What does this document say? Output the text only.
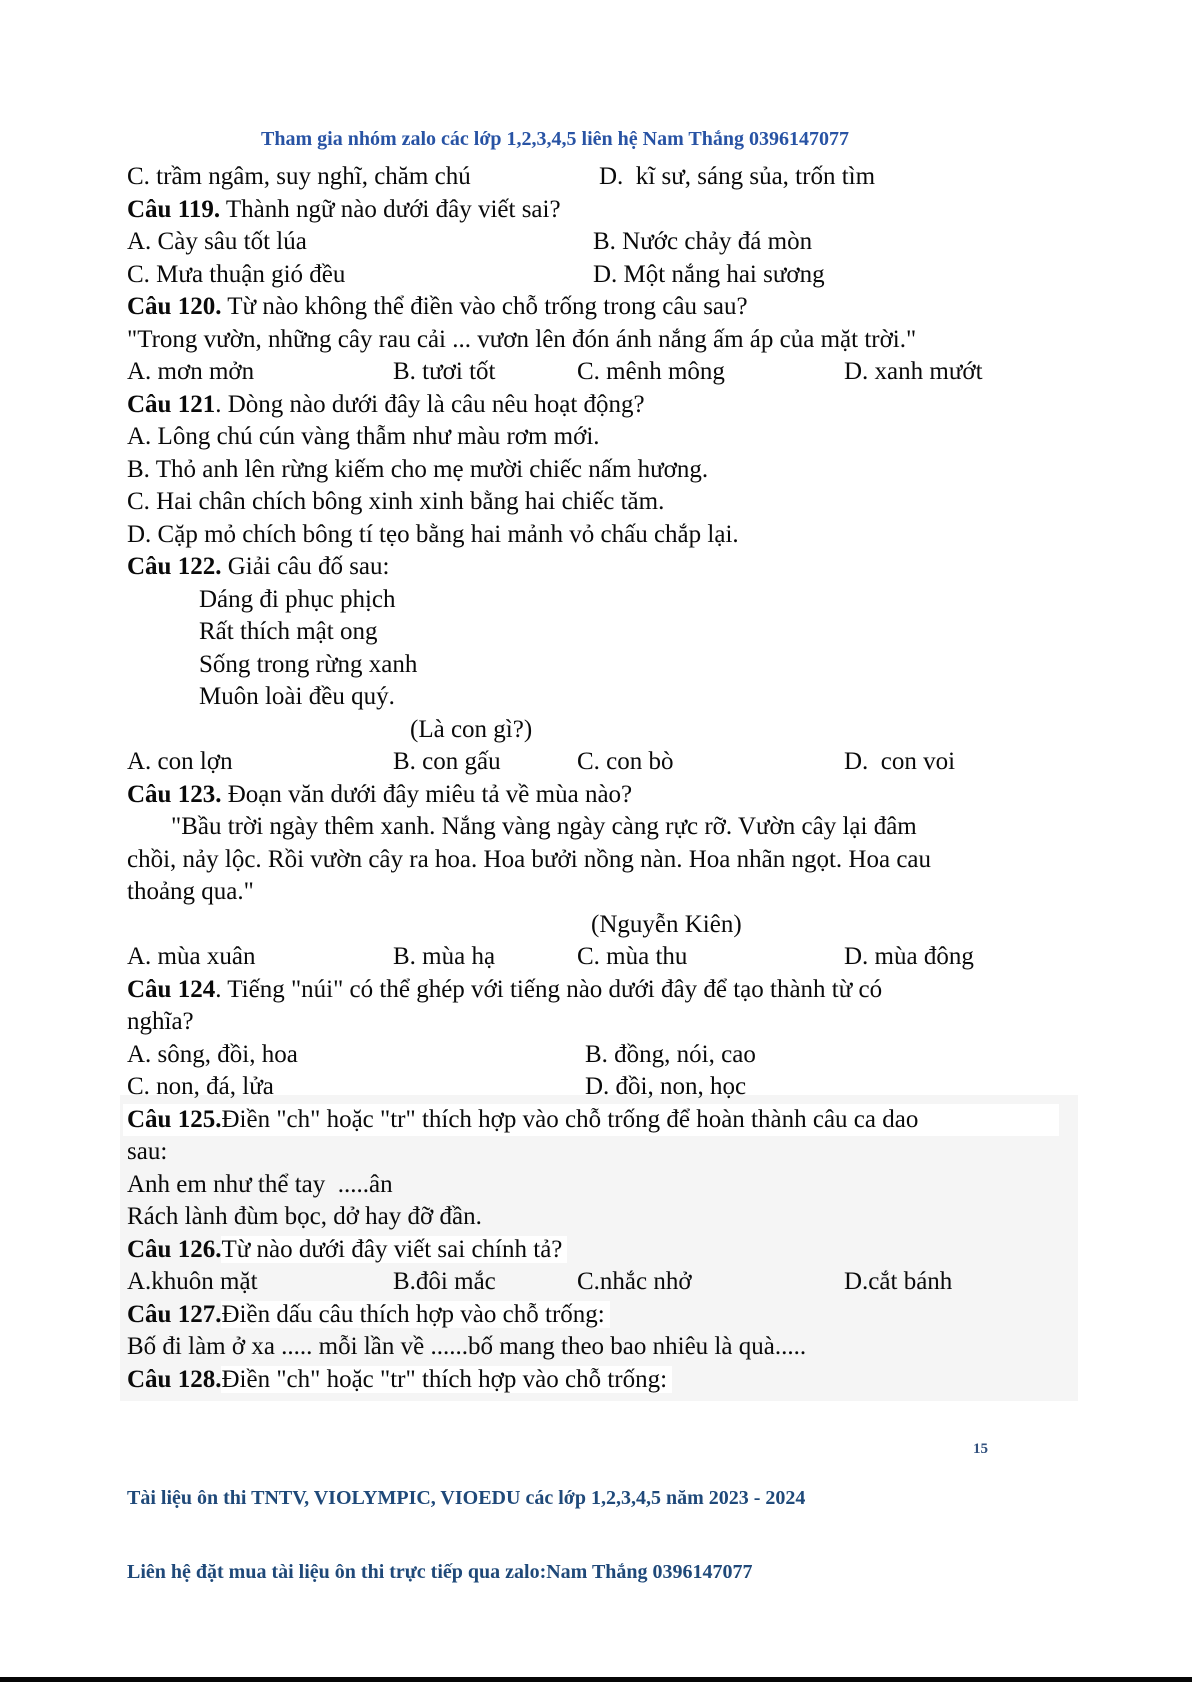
Tham gia nhóm zalo các lớp 1,2,3,4,5 liên hệ Nam Thắng 0396147077
C. trầm ngâm, suy nghĩ, chăm chú	D.  kĩ sư, sáng sủa, trốn tìm
Câu 119. Thành ngữ nào dưới đây viết sai?
A. Cày sâu tốt lúa	B. Nước chảy đá mòn
C. Mưa thuận gió đều	D. Một nắng hai sương
Câu 120. Từ nào không thể điền vào chỗ trống trong câu sau?
"Trong vườn, những cây rau cải ... vươn lên đón ánh nắng ấm áp của mặt trời."
A. mơn mởn	B. tươi tốt	C. mênh mông	D. xanh mướt
Câu 121. Dòng nào dưới đây là câu nêu hoạt động?
A. Lông chú cún vàng thẫm như màu rơm mới.
B. Thỏ anh lên rừng kiếm cho mẹ mười chiếc nấm hương.
C. Hai chân chích bông xinh xinh bằng hai chiếc tăm.
D. Cặp mỏ chích bông tí tẹo bằng hai mảnh vỏ chấu chắp lại.
Câu 122. Giải câu đố sau:
Dáng đi phục phịch
Rất thích mật ong
Sống trong rừng xanh
Muôn loài đều quý.
(Là con gì?)
A. con lợn	B. con gấu	C. con bò	D.  con voi
Câu 123. Đoạn văn dưới đây miêu tả về mùa nào?
"Bầu trời ngày thêm xanh. Nắng vàng ngày càng rực rỡ. Vườn cây lại đâm
chồi, nảy lộc. Rồi vườn cây ra hoa. Hoa bưởi nồng nàn. Hoa nhãn ngọt. Hoa cau
thoảng qua."
(Nguyễn Kiên)
A. mùa xuân	B. mùa hạ	C. mùa thu	D. mùa đông
Câu 124. Tiếng "núi" có thể ghép với tiếng nào dưới đây để tạo thành từ có
nghĩa?
A. sông, đồi, hoa	B. đồng, nói, cao
C. non, đá, lửa	D. đồi, non, học
Câu 125.Điền "ch" hoặc "tr" thích hợp vào chỗ trống để hoàn thành câu ca dao
sau:
Anh em như thể tay  .....ân
Rách lành đùm bọc, dở hay đỡ đần.
Câu 126.Từ nào dưới đây viết sai chính tả?
A.khuôn mặt	B.đôi mắc	C.nhắc nhở	D.cắt bánh
Câu 127.Điền dấu câu thích hợp vào chỗ trống:
Bố đi làm ở xa ..... mỗi lần về ......bố mang theo bao nhiêu là quà.....
Câu 128.Điền "ch" hoặc "tr" thích hợp vào chỗ trống:

Tài liệu ôn thi TNTV, VIOLYMPIC, VIOEDU các lớp 1,2,3,4,5 năm 2023 - 2024

Liên hệ đặt mua tài liệu ôn thi trực tiếp qua zalo:Nam Thắng 0396147077

15
